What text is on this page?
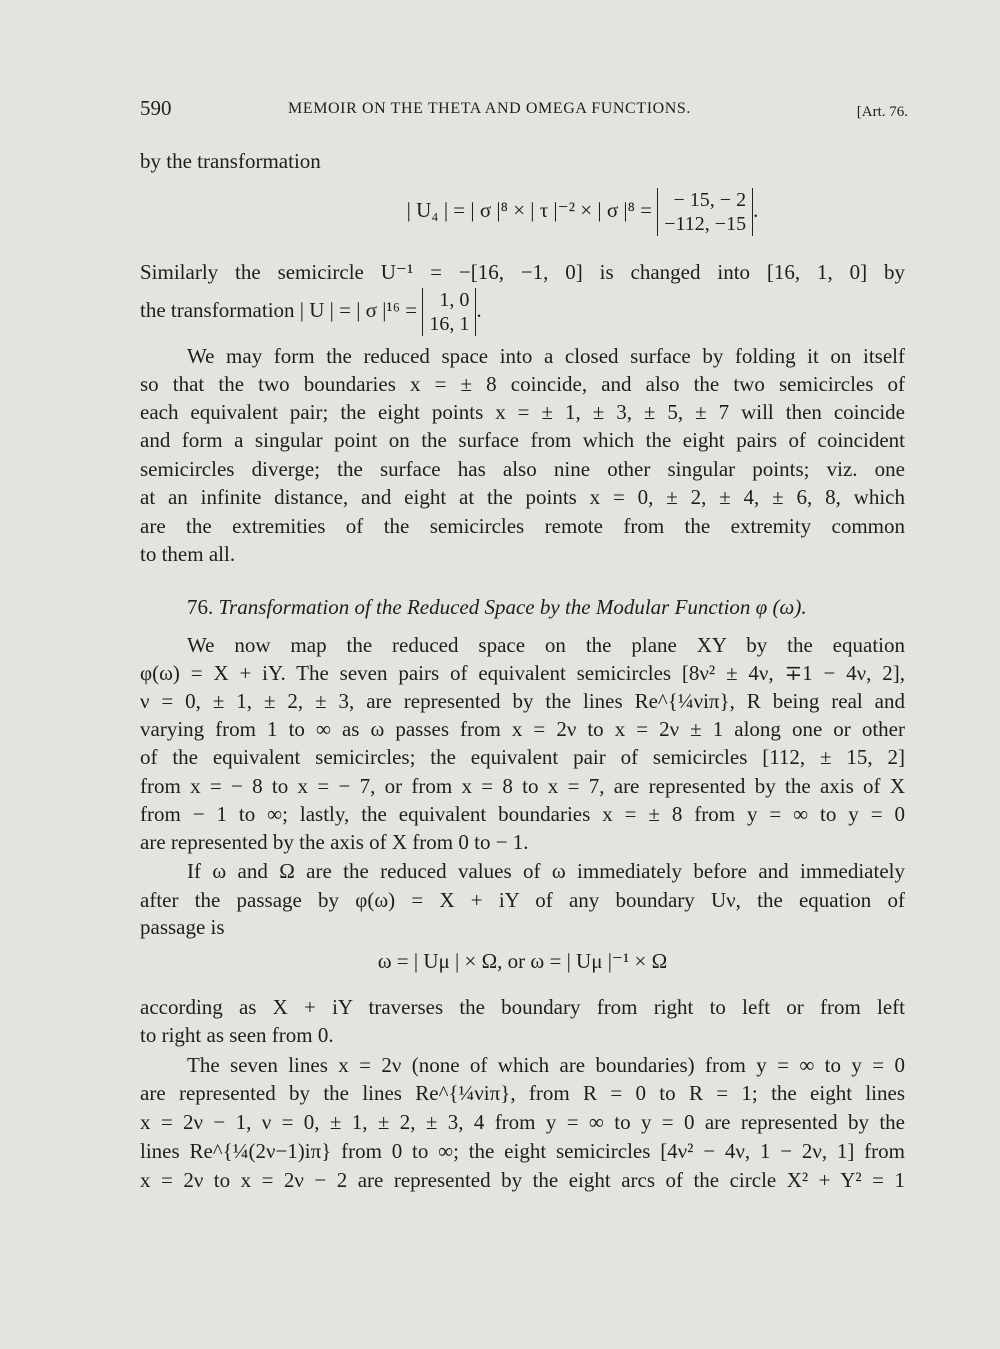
590	MEMOIR ON THE THETA AND OMEGA FUNCTIONS.	[Art. 76.
by the transformation
| U₄ | = | σ |⁸ × | τ |⁻² × | σ |⁸ =	− 15, − 2
−112, −15
.
Similarly the semicircle U⁻¹ = −[16, −1, 0] is changed into [16, 1, 0] by
the transformation | U | = | σ |¹⁶ =	1, 0
16, 1
.
We may form the reduced space into a closed surface by folding it on itself
so that the two boundaries x = ± 8 coincide, and also the two semicircles of
each equivalent pair; the eight points x = ± 1, ± 3, ± 5, ± 7 will then coincide
and form a singular point on the surface from which the eight pairs of coincident
semicircles diverge; the surface has also nine other singular points; viz. one
at an infinite distance, and eight at the points x = 0, ± 2, ± 4, ± 6, 8, which
are the extremities of the semicircles remote from the extremity common
to them all.
76. Transformation of the Reduced Space by the Modular Function φ (ω).
We now map the reduced space on the plane XY by the equation
φ(ω) = X + iY. The seven pairs of equivalent semicircles [8ν² ± 4ν, ∓1 − 4ν, 2],
ν = 0, ± 1, ± 2, ± 3, are represented by the lines Re^{¼νiπ}, R being real and
varying from 1 to ∞ as ω passes from x = 2ν to x = 2ν ± 1 along one or other
of the equivalent semicircles; the equivalent pair of semicircles [112, ± 15, 2]
from x = − 8 to x = − 7, or from x = 8 to x = 7, are represented by the axis of X
from − 1 to ∞; lastly, the equivalent boundaries x = ± 8 from y = ∞ to y = 0
are represented by the axis of X from 0 to − 1.
If ω and Ω are the reduced values of ω immediately before and immediately
after the passage by φ(ω) = X + iY of any boundary Uν, the equation of
passage is
ω = | Uμ | × Ω, or ω = | Uμ |⁻¹ × Ω
according as X + iY traverses the boundary from right to left or from left
to right as seen from 0.
The seven lines x = 2ν (none of which are boundaries) from y = ∞ to y = 0
are represented by the lines Re^{¼νiπ}, from R = 0 to R = 1; the eight lines
x = 2ν − 1, ν = 0, ± 1, ± 2, ± 3, 4 from y = ∞ to y = 0 are represented by the
lines Re^{¼(2ν−1)iπ} from 0 to ∞; the eight semicircles [4ν² − 4ν, 1 − 2ν, 1] from
x = 2ν to x = 2ν − 2 are represented by the eight arcs of the circle X² + Y² = 1
